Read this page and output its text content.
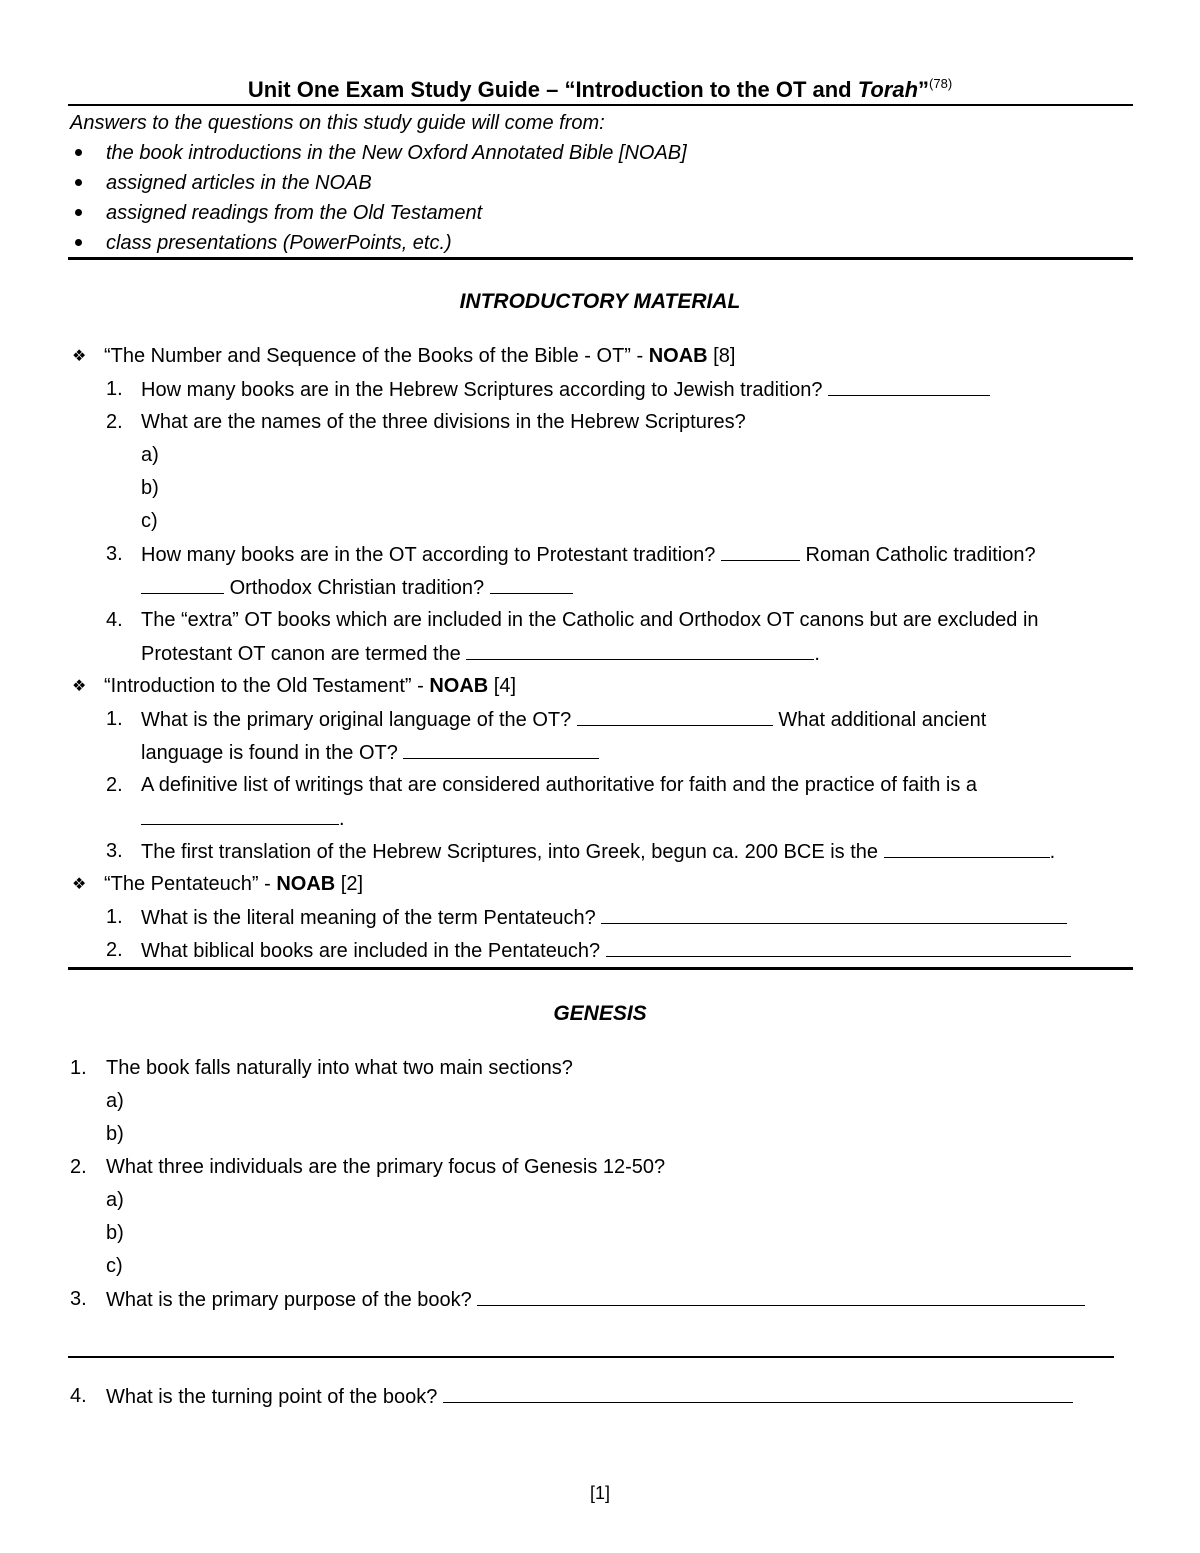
Unit One Exam Study Guide – “Introduction to the OT and Torah”$^{(78)}$
Answers to the questions on this study guide will come from:
the book introductions in the New Oxford Annotated Bible [NOAB]
assigned articles in the NOAB
assigned readings from the Old Testament
class presentations (PowerPoints, etc.)
INTRODUCTORY MATERIAL
❖ “The Number and Sequence of the Books of the Bible - OT” - NOAB [8]
1. How many books are in the Hebrew Scriptures according to Jewish tradition?
2. What are the names of the three divisions in the Hebrew Scriptures?
a)
b)
c)
3. How many books are in the OT according to Protestant tradition?	Roman Catholic tradition?
Orthodox Christian tradition?
4. The “extra” OT books which are included in the Catholic and Orthodox OT canons but are excluded in
Protestant OT canon are termed the	.
❖ “Introduction to the Old Testament” - NOAB [4]
1. What is the primary original language of the OT?	What additional ancient
language is found in the OT?
2. A definitive list of writings that are considered authoritative for faith and the practice of faith is a
.
3. The first translation of the Hebrew Scriptures, into Greek, begun ca. 200 BCE is the	.
❖ “The Pentateuch” - NOAB [2]
1. What is the literal meaning of the term Pentateuch?
2. What biblical books are included in the Pentateuch?
GENESIS
1. The book falls naturally into what two main sections?
a)
b)
2. What three individuals are the primary focus of Genesis 12-50?
a)
b)
c)
3. What is the primary purpose of the book?
4. What is the turning point of the book?
[1]
